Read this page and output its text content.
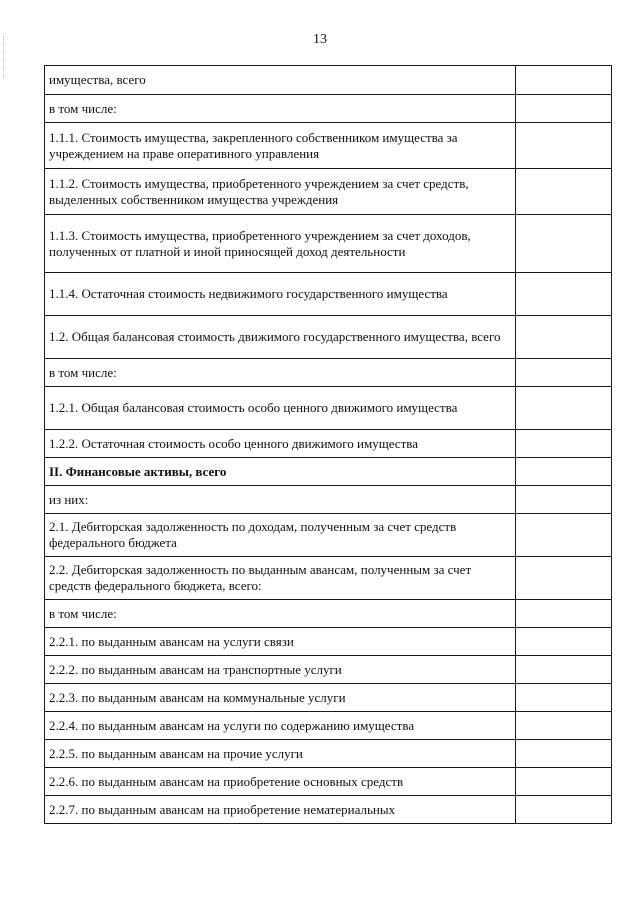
13
имущества, всего	
в том числе:	
1.1.1. Стоимость имущества, закрепленного собственником имущества за учреждением на праве оперативного управления	
1.1.2. Стоимость имущества, приобретенного учреждением за счет средств, выделенных собственником имущества учреждения	
1.1.3. Стоимость имущества, приобретенного учреждением за счет доходов, полученных от платной и иной приносящей доход деятельности	
1.1.4. Остаточная стоимость недвижимого государственного имущества	
1.2. Общая балансовая стоимость движимого государственного имущества, всего	
в том числе:	
1.2.1. Общая балансовая стоимость особо ценного движимого имущества	
1.2.2. Остаточная стоимость особо ценного движимого имущества	
II. Финансовые активы, всего	
из них:	
2.1. Дебиторская задолженность по доходам, полученным за счет средств федерального бюджета	
2.2. Дебиторская задолженность по выданным авансам, полученным за счет средств федерального бюджета, всего:	
в том числе:	
2.2.1. по выданным авансам на услуги связи	
2.2.2. по выданным авансам на транспортные услуги	
2.2.3. по выданным авансам на коммунальные услуги	
2.2.4. по выданным авансам на услуги по содержанию имущества	
2.2.5. по выданным авансам на прочие услуги	
2.2.6. по выданным авансам на приобретение основных средств	
2.2.7. по выданным авансам на приобретение нематериальных	
